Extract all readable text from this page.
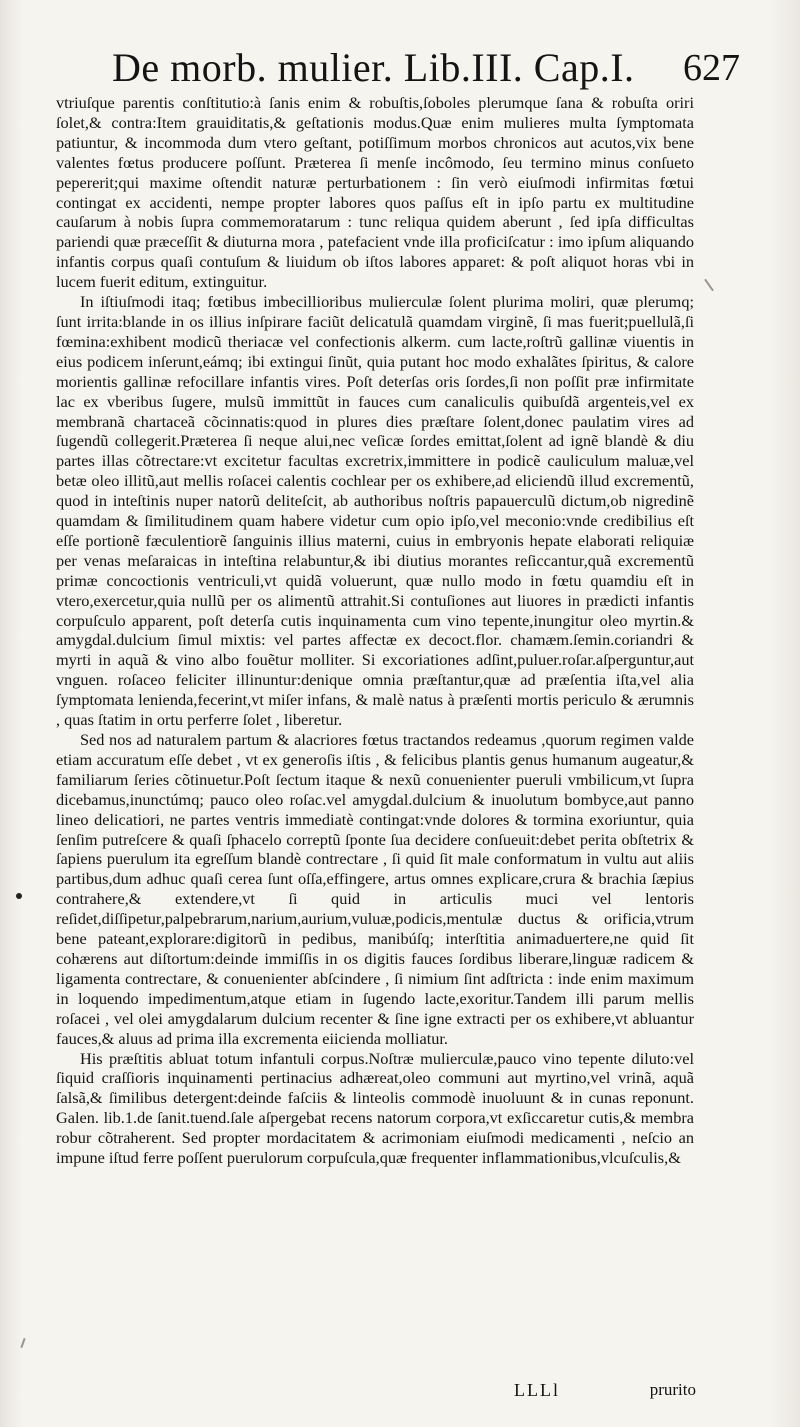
De morb. mulier. Lib.III. Cap.I. 627

vtriuſque parentis conſtitutio:à ſanis enim & robuſtis,ſoboles plerumque ſana & robuſta oriri ſolet,& contra:Item grauiditatis,& geſtationis modus.Quæ enim mulieres multa ſymptomata patiuntur, & incommoda dum vtero geſtant, potiſſimum morbos chronicos aut acutos,vix bene valentes fœtus producere poſſunt. Præterea ſi menſe incômodo, ſeu termino minus conſueto pepererit;qui maxime oſtendit naturæ perturbationem : ſin verò eiuſmodi infirmitas fœtui contingat ex accidenti, nempe propter labores quos paſſus eſt in ipſo partu ex multitudine cauſarum à nobis ſupra commemoratarum : tunc reliqua quidem aberunt , ſed ipſa difficultas pariendi quæ præceſſit & diuturna mora , patefacient vnde illa proficiſcatur : imo ipſum aliquando infantis corpus quaſi contuſum & liuidum ob iſtos labores apparet: & poſt aliquot horas vbi in lucem fuerit editum, extinguitur.

In iſtiuſmodi itaq; fœtibus imbecillioribus mulierculæ ſolent plurima moliri, quæ plerumq; ſunt irrita:blande in os illius inſpirare faciũt delicatulã quamdam virginẽ, ſi mas fuerit;puellulã,ſi fœmina:exhibent modicũ theriacæ vel confectionis alkerm. cum lacte,roſtrũ gallinæ viuentis in eius podicem inſerunt,eámq; ibi extingui ſinũt, quia putant hoc modo exhalãtes ſpiritus, & calore morientis gallinæ refocillare infantis vires. Poſt deterſas oris ſordes,ſi non poſſit præ infirmitate lac ex vberibus ſugere, mulsũ immittũt in fauces cum canaliculis quibuſdã argenteis,vel ex membranã chartaceã cõcinnatis:quod in plures dies præſtare ſolent,donec paulatim vires ad ſugendũ collegerit.Præterea ſi neque alui,nec veſicæ ſordes emittat,ſolent ad ignẽ blandè & diu partes illas cõtrectare:vt excitetur facultas excretrix,immittere in podicẽ cauliculum maluæ,vel betæ oleo illitũ,aut mellis roſacei calentis cochlear per os exhibere,ad eliciendũ illud excrementũ, quod in inteſtinis nuper natorũ deliteſcit, ab authoribus noſtris papauerculũ dictum,ob nigredinẽ quamdam & ſimilitudinem quam habere videtur cum opio ipſo,vel meconio:vnde credibilius eſt eſſe portionẽ fæculentiorẽ ſanguinis illius materni, cuius in embryonis hepate elaborati reliquiæ per venas meſaraicas in inteſtina relabuntur,& ibi diutius morantes reſiccantur,quã excrementũ primæ concoctionis ventriculi,vt quidã voluerunt, quæ nullo modo in fœtu quamdiu eſt in vtero,exercetur,quia nullũ per os alimentũ attrahit.Si contuſiones aut liuores in prædicti infantis corpuſculo apparent, poſt deterſa cutis inquinamenta cum vino tepente,inungitur oleo myrtin.& amygdal.dulcium ſimul mixtis: vel partes affectæ ex decoct.flor. chamæm.ſemin.coriandri & myrti in aquã & vino albo fouẽtur molliter. Si excoriationes adſint,puluer.roſar.aſperguntur,aut vnguen. roſaceo feliciter illinuntur:denique omnia præſtantur,quæ ad præſentia iſta,vel alia ſymptomata lenienda,fecerint,vt miſer infans, & malè natus à præſenti mortis periculo & ærumnis , quas ſtatim in ortu perferre ſolet , liberetur.

Sed nos ad naturalem partum & alacriores fœtus tractandos redeamus ,quorum regimen valde etiam accuratum eſſe debet , vt ex generoſis iſtis , & felicibus plantis genus humanum augeatur,& familiarum ſeries cõtinuetur.Poſt ſectum itaque & nexũ conuenienter pueruli vmbilicum,vt ſupra dicebamus,inunctúmq; pauco oleo roſac.vel amygdal.dulcium & inuolutum bombyce,aut panno lineo delicatiori, ne partes ventris immediatè contingat:vnde dolores & tormina exoriuntur, quia ſenſim putreſcere & quaſi ſphacelo correptũ ſponte ſua decidere conſueuit:debet perita obſtetrix & ſapiens puerulum ita egreſſum blandè contrectare , ſi quid ſit male conformatum in vultu aut aliis partibus,dum adhuc quaſi cerea ſunt oſſa,effingere, artus omnes explicare,crura & brachia ſæpius contrahere,& extendere,vt ſi quid in articulis muci vel lentoris reſidet,diſſipetur,palpebrarum,narium,aurium,vuluæ,podicis,mentulæ ductus & orificia,vtrum bene pateant,explorare:digitorũ in pedibus, manibúſq; interſtitia animaduertere,ne quid ſit cohærens aut diſtortum:deinde immiſſis in os digitis fauces ſordibus liberare,linguæ radicem & ligamenta contrectare, & conuenienter abſcindere , ſi nimium ſint adſtricta : inde enim maximum in loquendo impedimentum,atque etiam in ſugendo lacte,exoritur.Tandem illi parum mellis roſacei , vel olei amygdalarum dulcium recenter & ſine igne extracti per os exhibere,vt abluantur fauces,& aluus ad prima illa excrementa eiicienda molliatur.

His præſtitis abluat totum infantuli corpus.Noſtræ mulierculæ,pauco vino tepente diluto:vel ſiquid craſſioris inquinamenti pertinacius adhæreat,oleo communi aut myrtino,vel vrinã, aquã ſalsã,& ſimilibus detergent:deinde faſciis & linteolis commodè inuoluunt & in cunas reponunt. Galen. lib.1.de ſanit.tuend.ſale aſpergebat recens natorum corpora,vt exſiccaretur cutis,& membra robur cõtraherent. Sed propter mordacitatem & acrimoniam eiuſmodi medicamenti , neſcio an impune iſtud ferre poſſent puerulorum corpuſcula,quæ frequenter inflammationibus,vlcuſculis,&

LLLl	prurito
